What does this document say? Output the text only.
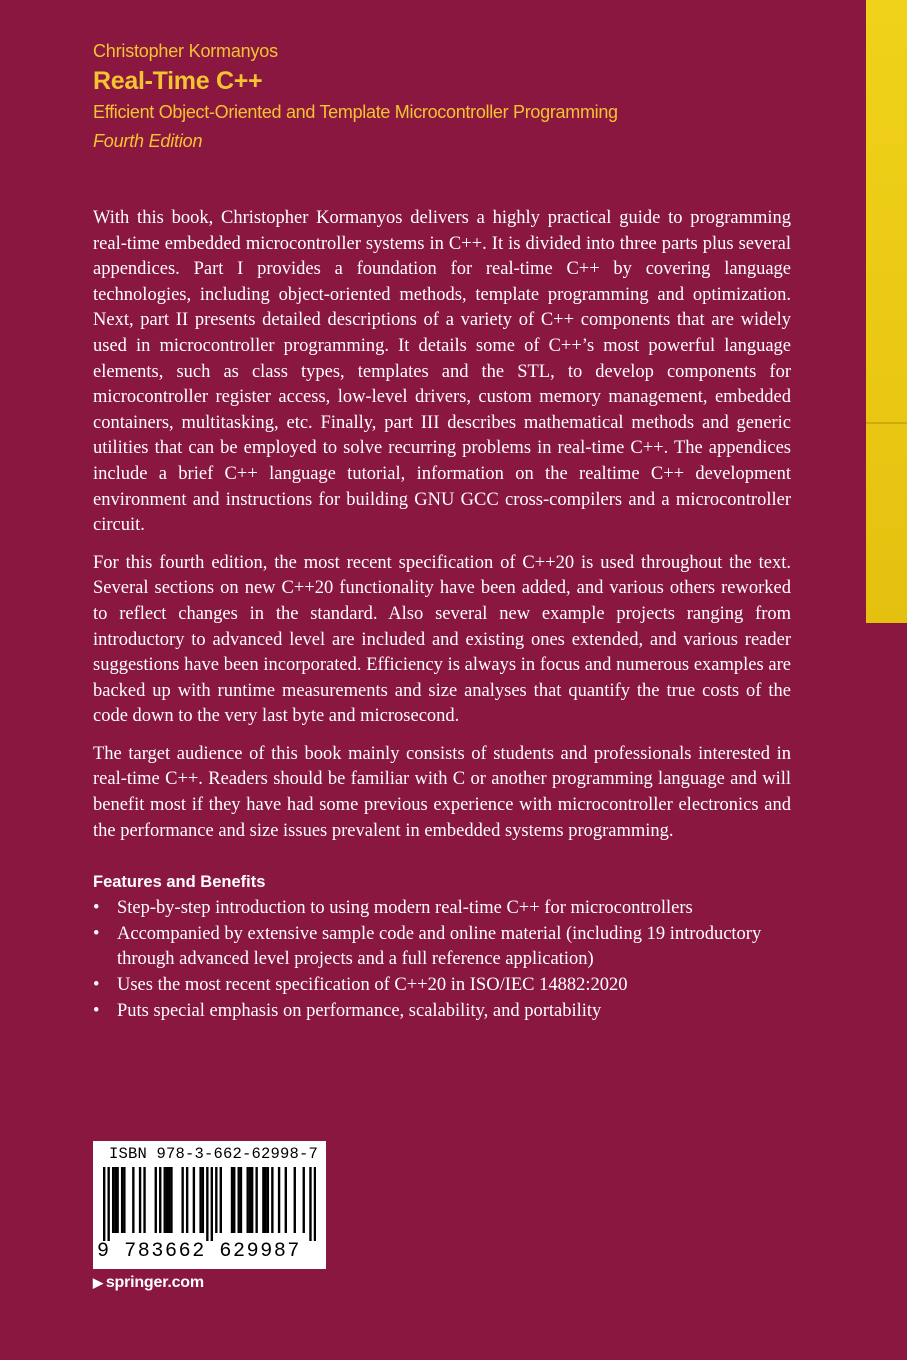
Christopher Kormanyos
Real-Time C++
Efficient Object-Oriented and Template Microcontroller Programming
Fourth Edition

With this book, Christopher Kormanyos delivers a highly practical guide to programming real-time embedded microcontroller systems in C++. It is divided into three parts plus several appendices. Part I provides a foundation for real-time C++ by covering language technologies, including object-oriented methods, template programming and optimization. Next, part II presents detailed descriptions of a variety of C++ components that are widely used in microcontroller programming. It details some of C++’s most powerful language elements, such as class types, templates and the STL, to develop components for microcontroller register access, low-level drivers, custom memory management, embedded containers, multitasking, etc. Finally, part III describes mathematical methods and generic utilities that can be employed to solve recurring problems in real-time C++. The appendices include a brief C++ language tutorial, information on the realtime C++ development environment and instructions for building GNU GCC cross-compilers and a microcontroller circuit.

For this fourth edition, the most recent specification of C++20 is used throughout the text. Several sections on new C++20 functionality have been added, and various others reworked to reflect changes in the standard. Also several new example projects ranging from introductory to advanced level are included and existing ones extended, and various reader suggestions have been incorporated. Efficiency is always in focus and numerous examples are backed up with runtime measurements and size analyses that quantify the true costs of the code down to the very last byte and microsecond.

The target audience of this book mainly consists of students and professionals interested in real-time C++. Readers should be familiar with C or another programming language and will benefit most if they have had some previous experience with microcontroller electronics and the performance and size issues prevalent in embedded systems programming.

Features and Benefits
• Step-by-step introduction to using modern real-time C++ for microcontrollers
• Accompanied by extensive sample code and online material (including 19 introductory through advanced level projects and a full reference application)
• Uses the most recent specification of C++20 in ISO/IEC 14882:2020
• Puts special emphasis on performance, scalability, and portability
ISBN 978-3-662-62998-7
9 783662 629987
▶ springer.com
